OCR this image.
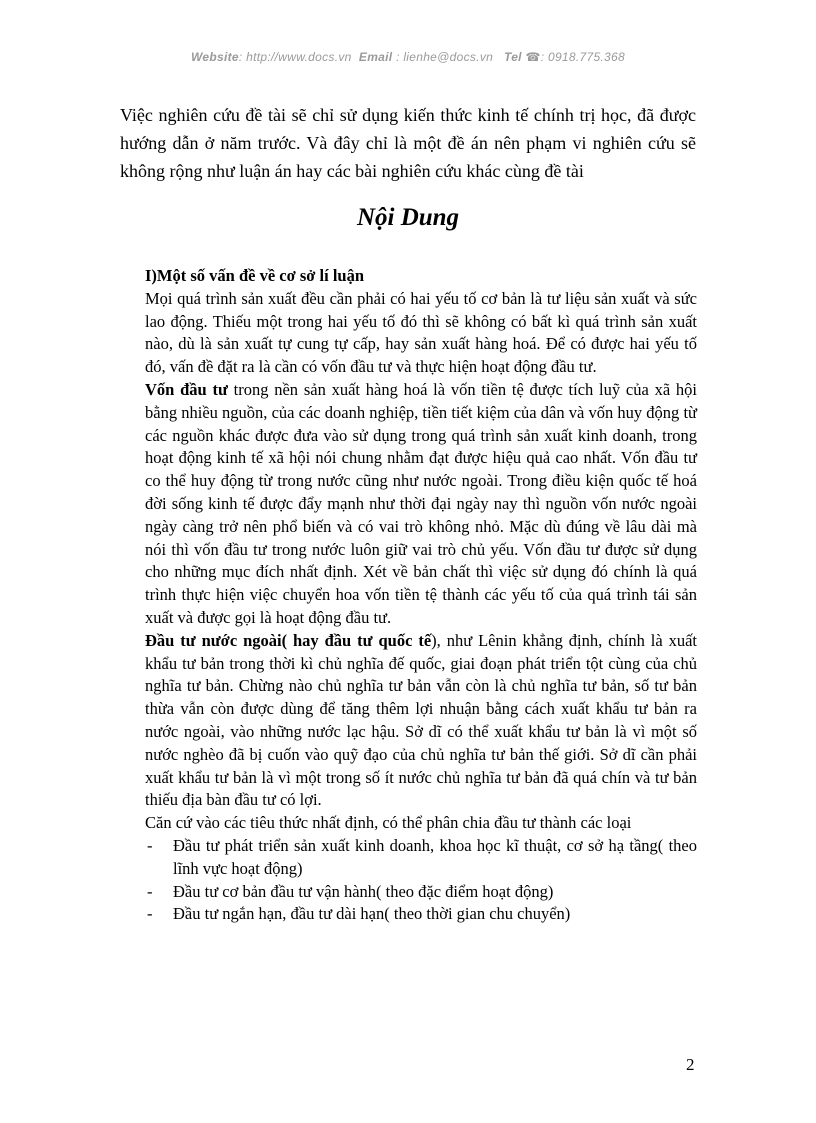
Website: http://www.docs.vn Email : lienhe@docs.vn Tel ☎: 0918.775.368

Việc nghiên cứu đề tài sẽ chỉ sử dụng kiến thức kinh tế chính trị học, đã được hướng dẫn ở năm trước. Và đây chỉ là một đề án nên phạm vi nghiên cứu sẽ không rộng như luận án hay các bài nghiên cứu khác cùng đề tài

Nội Dung

I)Một số vấn đề về cơ sở lí luận

Mọi quá trình sản xuất đều cần phải có hai yếu tố cơ bản là tư liệu sản xuất và sức lao động. Thiếu một trong hai yếu tố đó thì sẽ không có bất kì quá trình sản xuất nào, dù là sản xuất tự cung tự cấp, hay sản xuất hàng hoá. Để có được hai yếu tố đó, vấn đề đặt ra là cần có vốn đầu tư và thực hiện hoạt động đầu tư.

Vốn đầu tư trong nền sản xuất hàng hoá là vốn tiền tệ được tích luỹ của xã hội bằng nhiều nguồn, của các doanh nghiệp, tiền tiết kiệm của dân và vốn huy động từ các nguồn khác được đưa vào sử dụng trong quá trình sản xuất kinh doanh, trong hoạt động kinh tế xã hội nói chung nhằm đạt được hiệu quả cao nhất. Vốn đầu tư co thể huy động từ trong nước cũng như nước ngoài. Trong điều kiện quốc tế hoá đời sống kinh tế được đẩy mạnh như thời đại ngày nay thì nguồn vốn nước ngoài ngày càng trở nên phổ biến và có vai trò không nhỏ. Mặc dù đúng về lâu dài mà nói thì vốn đầu tư trong nước luôn giữ vai trò chủ yếu. Vốn đầu tư được sử dụng cho những mục đích nhất định. Xét về bản chất thì việc sử dụng đó chính là quá trình thực hiện việc chuyển hoa vốn tiền tệ thành các yếu tố của quá trình tái sản xuất và được gọi là hoạt động đầu tư.

Đầu tư nước ngoài( hay đầu tư quốc tế), như Lênin khẳng định, chính là xuất khẩu tư bản trong thời kì chủ nghĩa đế quốc, giai đoạn phát triển tột cùng của chủ nghĩa tư bản. Chừng nào chủ nghĩa tư bản vẫn còn là chủ nghĩa tư bản, số tư bản thừa vẫn còn được dùng để tăng thêm lợi nhuận bằng cách xuất khẩu tư bản ra nước ngoài, vào những nước lạc hậu. Sở dĩ có thể xuất khẩu tư bản là vì một số nước nghèo đã bị cuốn vào quỹ đạo của chủ nghĩa tư bản thế giới. Sở dĩ cần phải xuất khẩu tư bản là vì một trong số ít nước chủ nghĩa tư bản đã quá chín và tư bản thiếu địa bàn đầu tư có lợi.

Căn cứ vào các tiêu thức nhất định, có thể phân chia đầu tư thành các loại

- Đầu tư phát triển sản xuất kinh doanh, khoa học kĩ thuật, cơ sở hạ tầng( theo lĩnh vực hoạt động)
- Đầu tư cơ bản đầu tư vận hành( theo đặc điểm hoạt động)
- Đầu tư ngắn hạn, đầu tư dài hạn( theo thời gian chu chuyển)
2
